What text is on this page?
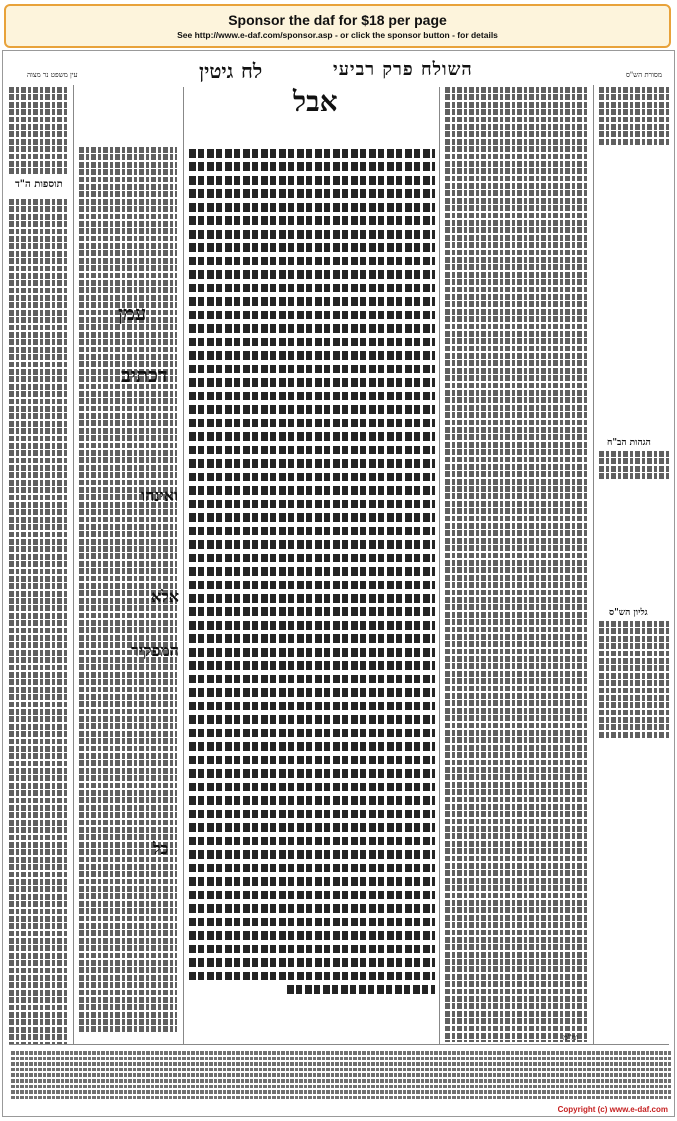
Sponsor the daf for $18 per page
See http://www.e-daf.com/sponsor.asp - or click the sponsor button - for details
גיטין לח	השולח פרק רביעי
עין משפט נר מצוה	מסורת הש"ס
תוספות ה"ד
עמן
דכתיב
ואינהו
אלא
המפקיר
כל
אבל
הגהות הב"ח
גליון הש"ס
ומ"מ
Copyright (c) www.e-daf.com
